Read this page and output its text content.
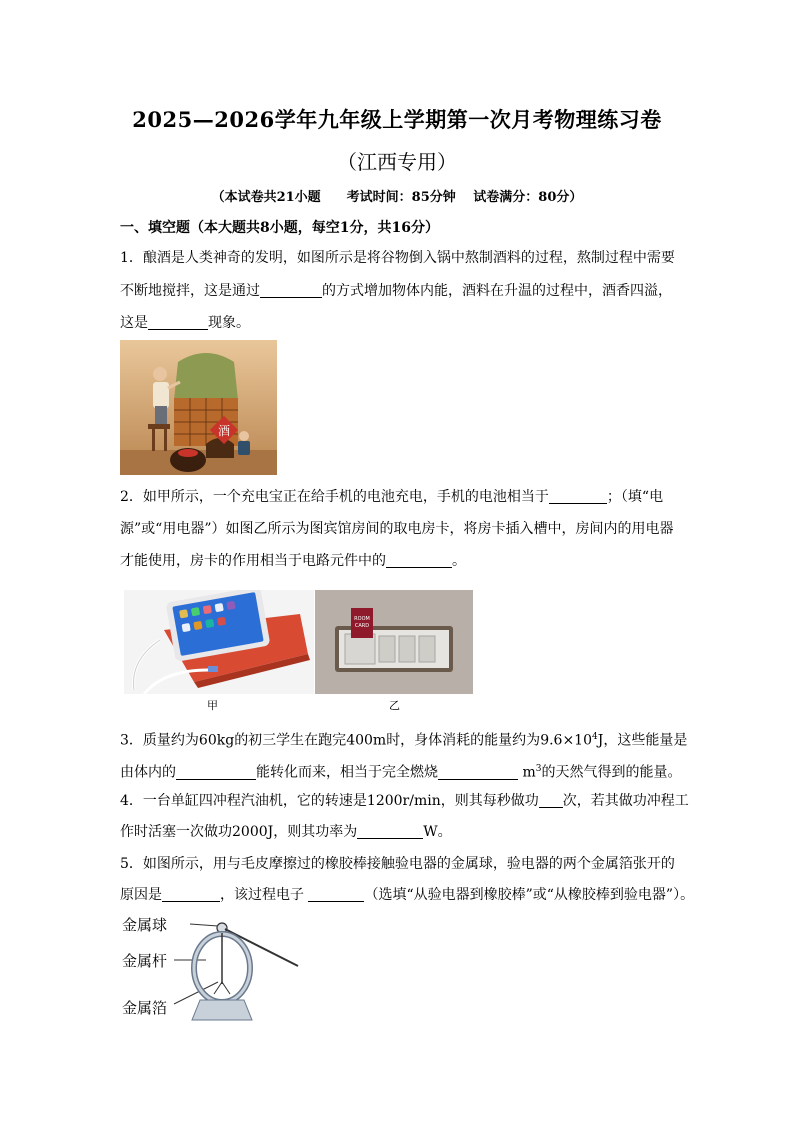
2025—2026学年九年级上学期第一次月考物理练习卷
（江西专用）
（本试卷共21小题　　考试时间：85分钟　 试卷满分：80分）
一、填空题（本大题共8小题，每空1分，共16分）
1．酿酒是人类神奇的发明，如图所示是将谷物倒入锅中熬制酒料的过程，熬制过程中需要
不断地搅拌，这是通过	的方式增加物体内能，酒料在升温的过程中，酒香四溢，
这是	现象。
酒
2．如甲所示，一个充电宝正在给手机的电池充电，手机的电池相当于	；（填“电
源”或“用电器”）如图乙所示为图宾馆房间的取电房卡，将房卡插入槽中，房间内的用电器
才能使用，房卡的作用相当于电路元件中的	。
ROOM
CARD
甲	乙
3．质量约为60kg的初三学生在跑完400m时，身体消耗的能量约为$9.6\times 10^4J$，这些能量是
由体内的	能转化而来，相当于完全燃烧	$m^3$的天然气得到的能量。
4．一台单缸四冲程汽油机，它的转速是1200r/min，则其每秒做功 次，若其做功冲程工
作时活塞一次做功2000J，则其功率为	W。
5．如图所示，用与毛皮摩擦过的橡胶棒接触验电器的金属球，验电器的两个金属箔张开的
原因是	，该过程电子	（选填“从验电器到橡胶棒”或“从橡胶棒到验电器”）。
金属球
金属杆
金属箔
